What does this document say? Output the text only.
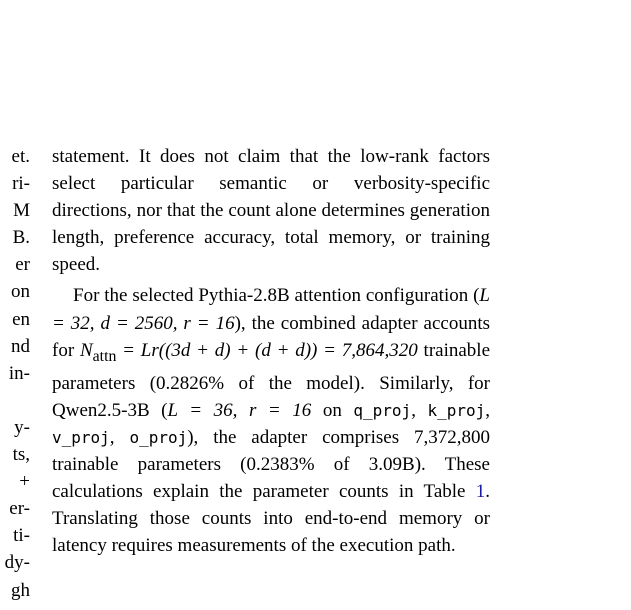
et.
ri-
M
B.
er
on
en
nd
in-
y-
ts,
+
er-
ti-
dy-
gh

statement. It does not claim that the low-rank factors select particular semantic or verbosity-specific directions, nor that the count alone determines generation length, preference accuracy, total memory, or training speed.

For the selected Pythia-2.8B attention configuration (L = 32, d = 2560, r = 16), the combined adapter accounts for $N_{attn} = Lr((3d + d) + (d + d)) = 7,864,320$ trainable parameters (0.2826% of the model). Similarly, for Qwen2.5-3B (L = 36, r = 16 on q_proj, k_proj, v_proj, o_proj), the adapter comprises 7,372,800 trainable parameters (0.2383% of 3.09B). These calculations explain the parameter counts in Table 1. Translating those counts into end-to-end memory or latency requires measurements of the execution path.
